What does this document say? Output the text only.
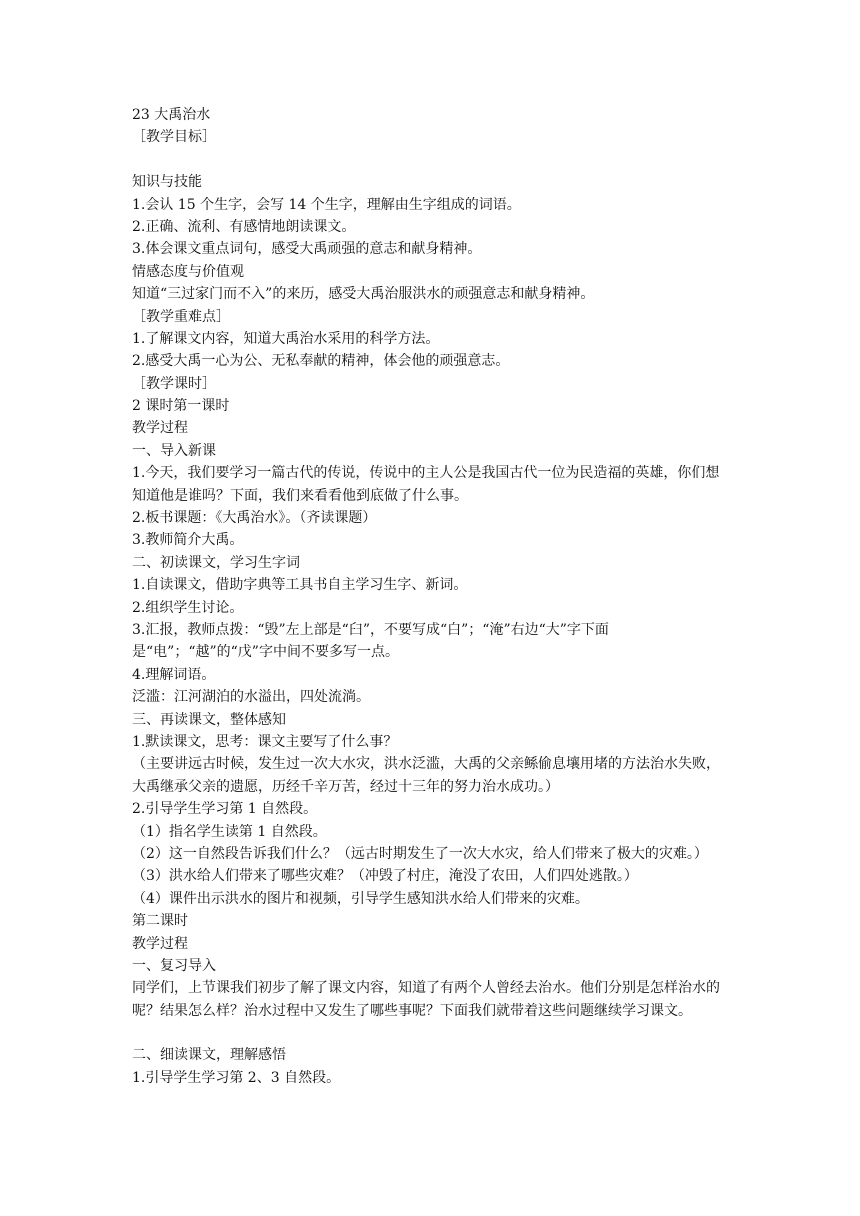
23 大禹治水

［教学目标］

知识与技能

1.会认 15 个生字，会写 14 个生字，理解由生字组成的词语。

2.正确、流利、有感情地朗读课文。

3.体会课文重点词句，感受大禹顽强的意志和献身精神。

情感态度与价值观

知道“三过家门而不入”的来历，感受大禹治服洪水的顽强意志和献身精神。

［教学重难点］

1.了解课文内容，知道大禹治水采用的科学方法。

2.感受大禹一心为公、无私奉献的精神，体会他的顽强意志。

［教学课时］

2 课时第一课时

教学过程

一、导入新课

1.今天，我们要学习一篇古代的传说，传说中的主人公是我国古代一位为民造福的英雄，你们想知道他是谁吗？下面，我们来看看他到底做了什么事。

2.板书课题：《大禹治水》。（齐读课题）

3.教师简介大禹。

二、初读课文，学习生字词

1.自读课文，借助字典等工具书自主学习生字、新词。

2.组织学生讨论。

3.汇报，教师点拨：“毁”左上部是“臼”，不要写成“白”；“淹”右边“大”字下面是“电”；“越”的“戊”字中间不要多写一点。

4.理解词语。

泛滥：江河湖泊的水溢出，四处流淌。

三、再读课文，整体感知

1.默读课文，思考：课文主要写了什么事？

（主要讲远古时候，发生过一次大水灾，洪水泛滥，大禹的父亲鲧偷息壤用堵的方法治水失败，大禹继承父亲的遗愿，历经千辛万苦，经过十三年的努力治水成功。）

2.引导学生学习第 1 自然段。

（1）指名学生读第 1 自然段。

（2）这一自然段告诉我们什么？（远古时期发生了一次大水灾，给人们带来了极大的灾难。）

（3）洪水给人们带来了哪些灾难？（冲毁了村庄，淹没了农田，人们四处逃散。）

（4）课件出示洪水的图片和视频，引导学生感知洪水给人们带来的灾难。

第二课时

教学过程

一、复习导入

同学们，上节课我们初步了解了课文内容，知道了有两个人曾经去治水。他们分别是怎样治水的呢？结果怎么样？治水过程中又发生了哪些事呢？下面我们就带着这些问题继续学习课文。

二、细读课文，理解感悟

1.引导学生学习第 2、3 自然段。
